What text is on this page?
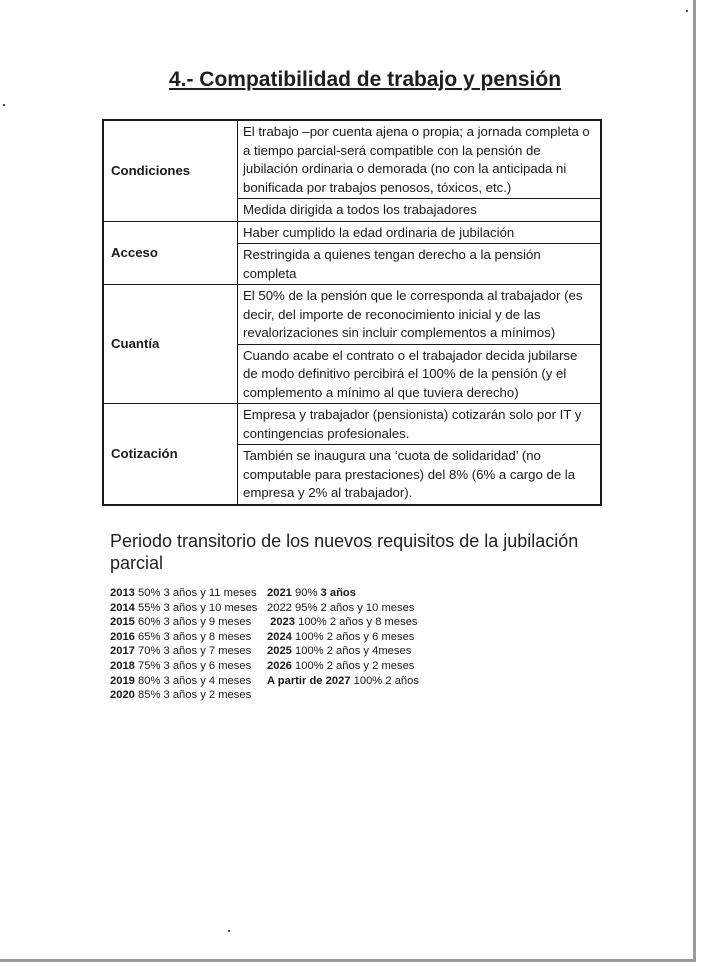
4.- Compatibilidad de trabajo y pensión
Condiciones	El trabajo –por cuenta ajena o propia; a jornada completa o a tiempo parcial-será compatible con la pensión de jubilación ordinaria o demorada (no con la anticipada ni bonificada por trabajos penosos, tóxicos, etc.)
	Medida dirigida a todos los trabajadores
Acceso	Haber cumplido la edad ordinaria de jubilación
	Restringida a quienes tengan derecho a la pensión completa
Cuantía	El 50% de la pensión que le corresponda al trabajador (es decir, del importe de reconocimiento inicial y de las revalorizaciones sin incluir complementos a mínimos)
	Cuando acabe el contrato o el trabajador decida jubilarse de modo definitivo percibirá el 100% de la pensión (y el complemento a mínimo al que tuviera derecho)
Cotización	Empresa y trabajador (pensionista) cotizarán solo por IT y contingencias profesionales.
	También se inaugura una ‘cuota de solidaridad’ (no computable para prestaciones) del 8% (6% a cargo de la empresa y 2% al trabajador).
Periodo transitorio de los nuevos requisitos de la jubilación parcial
2013 50% 3 años y 11 meses 2021 90% 3 años
2014 55% 3 años y 10 meses 2022 95% 2 años y 10 meses
2015 60% 3 años y 9 meses 2023 100% 2 años y 8 meses
2016 65% 3 años y 8 meses 2024 100% 2 años y 6 meses
2017 70% 3 años y 7 meses 2025 100% 2 años y 4meses
2018 75% 3 años y 6 meses 2026 100% 2 años y 2 meses
2019 80% 3 años y 4 meses A partir de 2027 100% 2 años
2020 85% 3 años y 2 meses
